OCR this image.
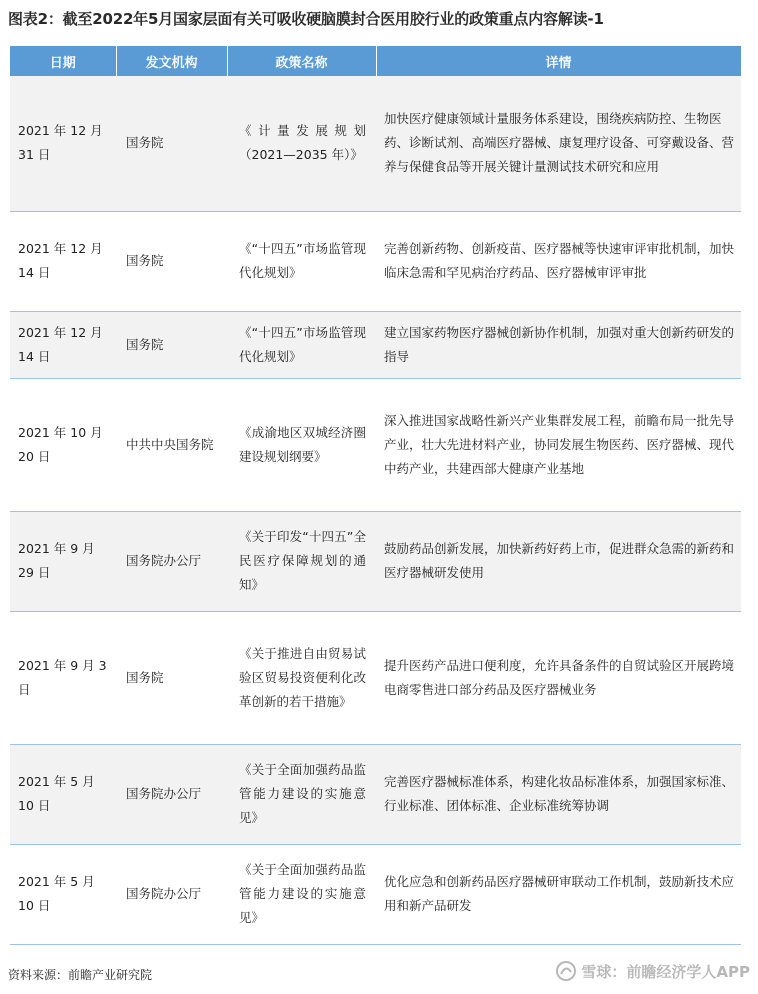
图表2：截至2022年5月国家层面有关可吸收硬脑膜封合医用胶行业的政策重点内容解读-1
日期	发文机构	政策名称	详情
2021 年 12 月 31 日	国务院	《计量发展规划（2021—2035 年）》	加快医疗健康领域计量服务体系建设，围绕疾病防控、生物医药、诊断试剂、高端医疗器械、康复理疗设备、可穿戴设备、营养与保健食品等开展关键计量测试技术研究和应用
2021 年 12 月 14 日	国务院	《“十四五”市场监管现代化规划》	完善创新药物、创新疫苗、医疗器械等快速审评审批机制，加快临床急需和罕见病治疗药品、医疗器械审评审批
2021 年 12 月 14 日	国务院	《“十四五”市场监管现代化规划》	建立国家药物医疗器械创新协作机制，加强对重大创新药研发的指导
2021 年 10 月 20 日	中共中央国务院	《成渝地区双城经济圈建设规划纲要》	深入推进国家战略性新兴产业集群发展工程，前瞻布局一批先导产业，壮大先进材料产业，协同发展生物医药、医疗器械、现代中药产业，共建西部大健康产业基地
2021 年 9 月 29 日	国务院办公厅	《关于印发“十四五”全民医疗保障规划的通知》	鼓励药品创新发展，加快新药好药上市，促进群众急需的新药和医疗器械研发使用
2021 年 9 月 3 日	国务院	《关于推进自由贸易试验区贸易投资便利化改革创新的若干措施》	提升医药产品进口便利度，允许具备条件的自贸试验区开展跨境电商零售进口部分药品及医疗器械业务
2021 年 5 月 10 日	国务院办公厅	《关于全面加强药品监管能力建设的实施意见》	完善医疗器械标准体系，构建化妆品标准体系，加强国家标准、行业标准、团体标准、企业标准统筹协调
2021 年 5 月 10 日	国务院办公厅	《关于全面加强药品监管能力建设的实施意见》	优化应急和创新药品医疗器械研审联动工作机制，鼓励新技术应用和新产品研发
资料来源：前瞻产业研究院	雪球：前瞻经济学人APP
